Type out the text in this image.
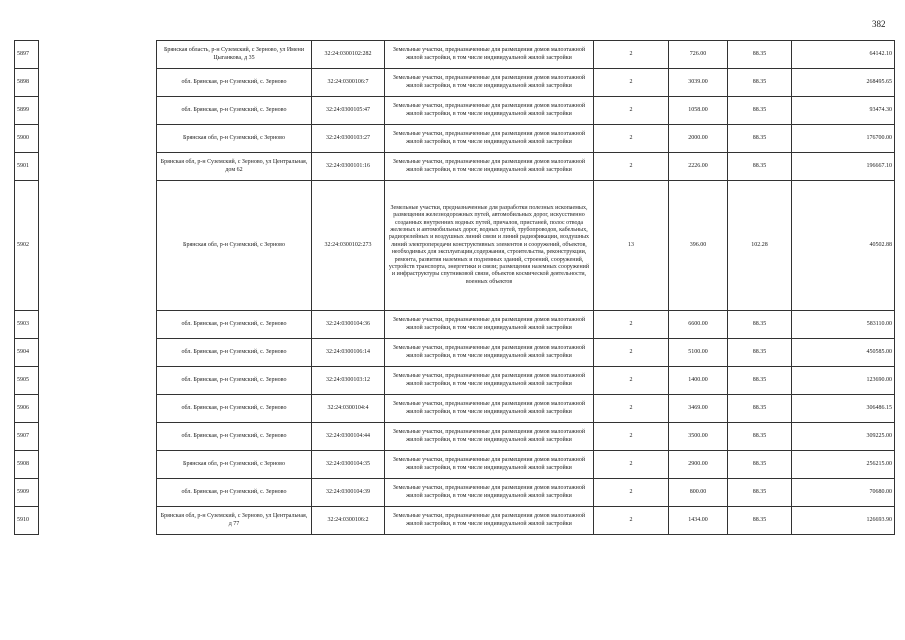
382
5897		Брянская область, р-н Суземский, с Зерново, ул Имени Цыганкова, д 35	32:24:0300102:282	Земельные участки, предназначенные для размещения домов малоэтажной жилой застройки, в том числе индивидуальной жилой застройки	2	726.00	88.35	64142.10
5898		обл. Брянская, р-н Суземский, с. Зерново	32:24:0300106:7	Земельные участки, предназначенные для размещения домов малоэтажной жилой застройки, в том числе индивидуальной жилой застройки	2	3039.00	88.35	268495.65
5899		обл. Брянская, р-н Суземский, с. Зерново	32:24:0300105:47	Земельные участки, предназначенные для размещения домов малоэтажной жилой застройки, в том числе индивидуальной жилой застройки	2	1058.00	88.35	93474.30
5900		Брянская обл, р-н Суземский, с Зерново	32:24:0300103:27	Земельные участки, предназначенные для размещения домов малоэтажной жилой застройки, в том числе индивидуальной жилой застройки	2	2000.00	88.35	176700.00
5901		Брянская обл, р-н Суземский, с Зерново, ул Центральная, дом 62	32:24:0300101:16	Земельные участки, предназначенные для размещения домов малоэтажной жилой застройки, в том числе индивидуальной жилой застройки	2	2226.00	88.35	196667.10
5902		Брянская обл, р-н Суземский, с Зерново	32:24:0300102:273	Земельные участки, предназначенные для разработки полезных ископаемых, размещения железнодорожных путей, автомобильных дорог, искусственно созданных внутренних водных путей, причалов, пристаней, полос отвода железных и автомобильных дорог, водных путей, трубопроводов, кабельных, радиорелейных и воздушных линий связи и линий радиофикации, воздушных линий электропередачи конструктивных элементов и сооружений, объектов, необходимых для эксплуатации,содержания, строительства, реконструкции, ремонта, развития наземных и подземных зданий, строений, сооружений, устройств транспорта, энергетики и связи; размещения наземных сооружений и инфраструктуры спутниковой связи, объектов космической деятельности, военных объектов	13	396.00	102.28	40502.88
5903		обл. Брянская, р-н Суземский, с. Зерново	32:24:0300104:36	Земельные участки, предназначенные для размещения домов малоэтажной жилой застройки, в том числе индивидуальной жилой застройки	2	6600.00	88.35	583110.00
5904		обл. Брянская, р-н Суземский, с. Зерново	32:24:0300106:14	Земельные участки, предназначенные для размещения домов малоэтажной жилой застройки, в том числе индивидуальной жилой застройки	2	5100.00	88.35	450585.00
5905		обл. Брянская, р-н Суземский, с. Зерново	32:24:0300103:12	Земельные участки, предназначенные для размещения домов малоэтажной жилой застройки, в том числе индивидуальной жилой застройки	2	1400.00	88.35	123690.00
5906		обл. Брянская, р-н Суземский, с. Зерново	32:24:0300104:4	Земельные участки, предназначенные для размещения домов малоэтажной жилой застройки, в том числе индивидуальной жилой застройки	2	3469.00	88.35	306486.15
5907		обл. Брянская, р-н Суземский, с. Зерново	32:24:0300104:44	Земельные участки, предназначенные для размещения домов малоэтажной жилой застройки, в том числе индивидуальной жилой застройки	2	3500.00	88.35	309225.00
5908		Брянская обл, р-н Суземский, с Зерново	32:24:0300104:35	Земельные участки, предназначенные для размещения домов малоэтажной жилой застройки, в том числе индивидуальной жилой застройки	2	2900.00	88.35	256215.00
5909		обл. Брянская, р-н Суземский, с. Зерново	32:24:0300104:39	Земельные участки, предназначенные для размещения домов малоэтажной жилой застройки, в том числе индивидуальной жилой застройки	2	800.00	88.35	70680.00
5910		Брянская обл, р-н Суземский, с Зерново, ул Центральная, д 77	32:24:0300106:2	Земельные участки, предназначенные для размещения домов малоэтажной жилой застройки, в том числе индивидуальной жилой застройки	2	1434.00	88.35	126693.90
